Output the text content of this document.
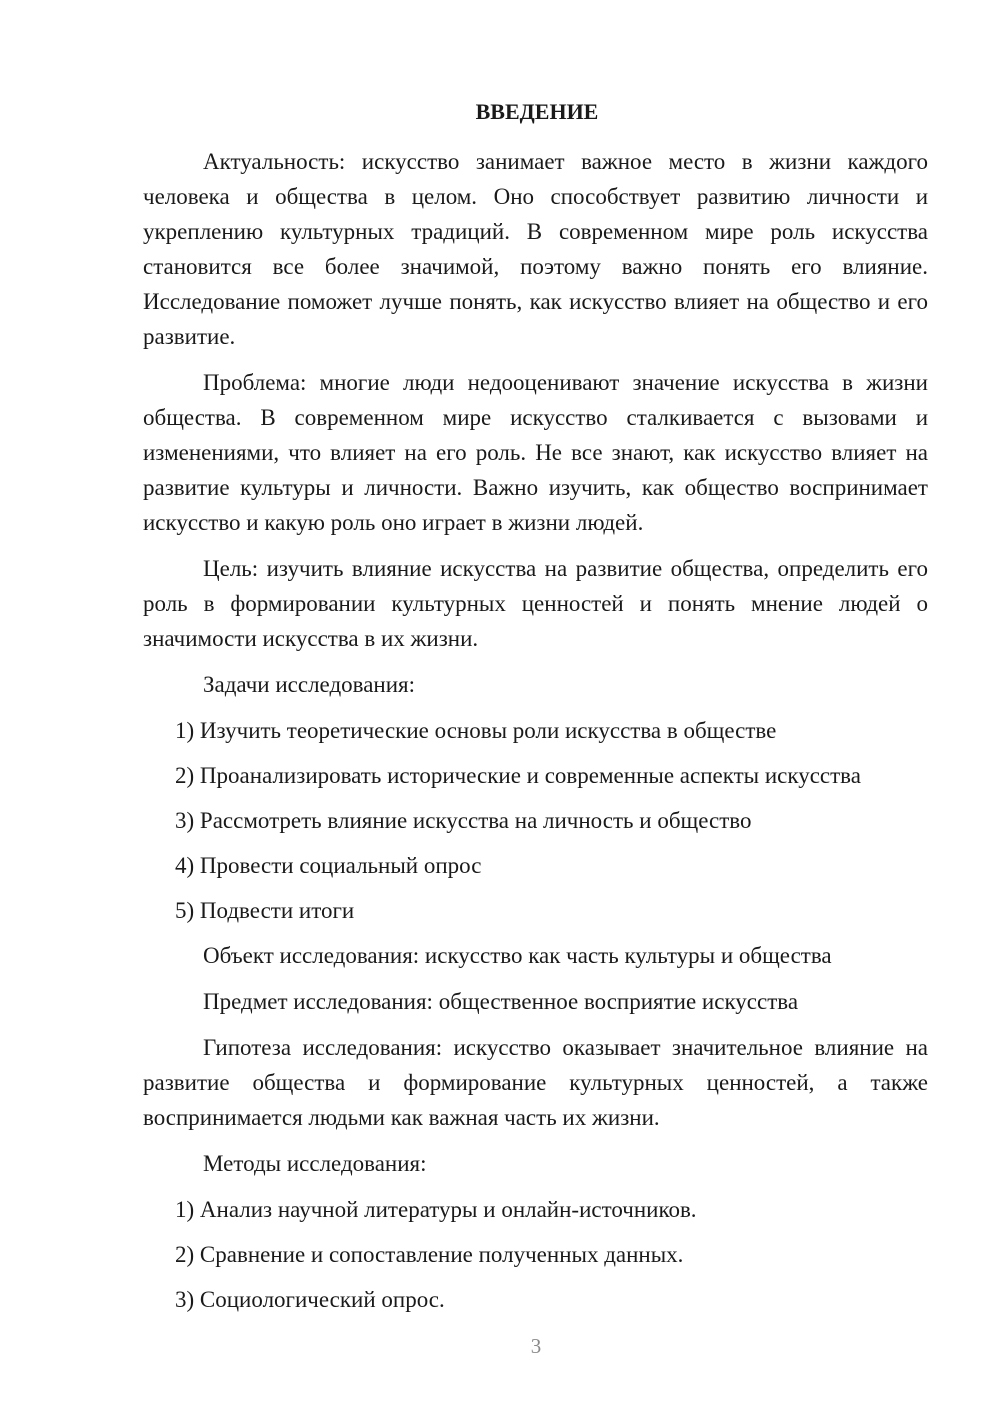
ВВЕДЕНИЕ

Актуальность: искусство занимает важное место в жизни каждого человека и общества в целом. Оно способствует развитию личности и укреплению культурных традиций. В современном мире роль искусства становится все более значимой, поэтому важно понять его влияние. Исследование поможет лучше понять, как искусство влияет на общество и его развитие.

Проблема: многие люди недооценивают значение искусства в жизни общества. В современном мире искусство сталкивается с вызовами и изменениями, что влияет на его роль. Не все знают, как искусство влияет на развитие культуры и личности. Важно изучить, как общество воспринимает искусство и какую роль оно играет в жизни людей.

Цель: изучить влияние искусства на развитие общества, определить его роль в формировании культурных ценностей и понять мнение людей о значимости искусства в их жизни.

Задачи исследования:
1) Изучить теоретические основы роли искусства в обществе
2) Проанализировать исторические и современные аспекты искусства
3) Рассмотреть влияние искусства на личность и общество
4) Провести социальный опрос
5) Подвести итоги
Объект исследования: искусство как часть культуры и общества
Предмет исследования: общественное восприятие искусства

Гипотеза исследования: искусство оказывает значительное влияние на развитие общества и формирование культурных ценностей, а также воспринимается людьми как важная часть их жизни.

Методы исследования:
1) Анализ научной литературы и онлайн-источников.
2) Сравнение и сопоставление полученных данных.
3) Социологический опрос.
3
